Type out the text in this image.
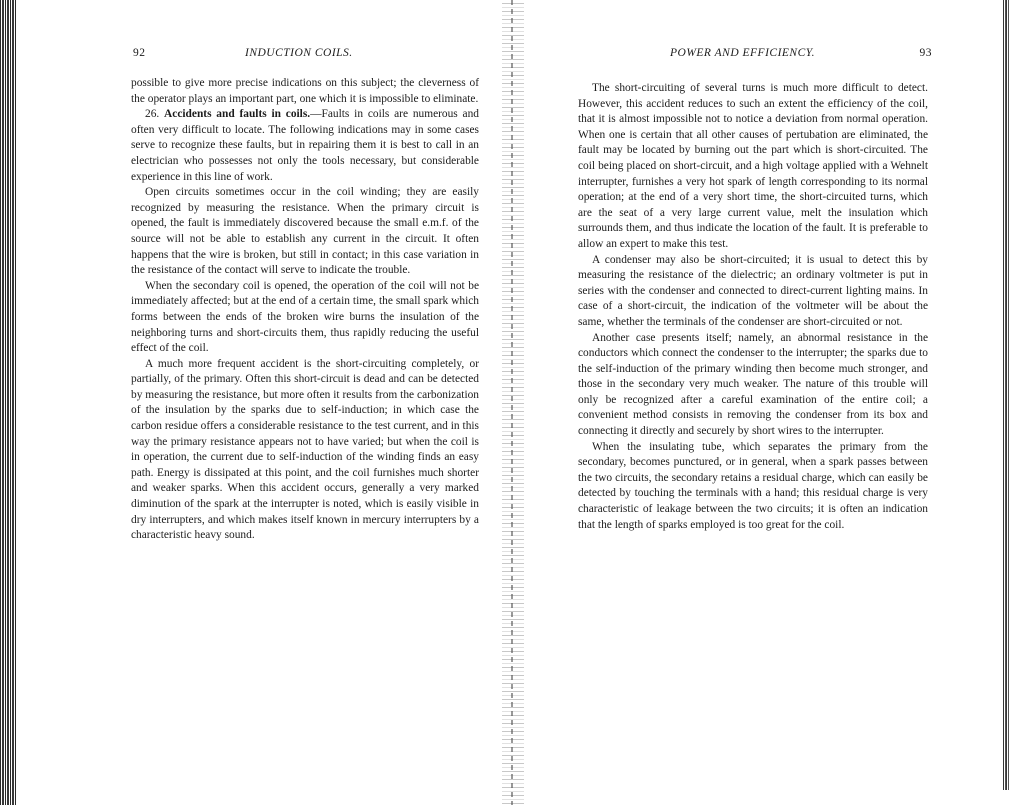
92	INDUCTION COILS.

possible to give more precise indications on this subject; the cleverness of the operator plays an important part, one which it is impossible to eliminate.

26. Accidents and faults in coils.—Faults in coils are numerous and often very difficult to locate. The following indications may in some cases serve to recognize these faults, but in repairing them it is best to call in an electrician who possesses not only the tools necessary, but considerable experience in this line of work.

Open circuits sometimes occur in the coil winding; they are easily recognized by measuring the resistance. When the primary circuit is opened, the fault is immediately discovered because the small e.m.f. of the source will not be able to establish any current in the circuit. It often happens that the wire is broken, but still in contact; in this case variation in the resistance of the contact will serve to indicate the trouble.

When the secondary coil is opened, the operation of the coil will not be immediately affected; but at the end of a certain time, the small spark which forms between the ends of the broken wire burns the insulation of the neighboring turns and short-circuits them, thus rapidly reducing the useful effect of the coil.

A much more frequent accident is the short-circuiting completely, or partially, of the primary. Often this short-circuit is dead and can be detected by measuring the resistance, but more often it results from the carbonization of the insulation by the sparks due to self-induction; in which case the carbon residue offers a considerable resistance to the test current, and in this way the primary resistance appears not to have varied; but when the coil is in operation, the current due to self-induction of the winding finds an easy path. Energy is dissipated at this point, and the coil furnishes much shorter and weaker sparks. When this accident occurs, generally a very marked diminution of the spark at the interrupter is noted, which is easily visible in dry interrupters, and which makes itself known in mercury interrupters by a characteristic heavy sound.

POWER AND EFFICIENCY.	93

The short-circuiting of several turns is much more difficult to detect. However, this accident reduces to such an extent the efficiency of the coil, that it is almost impossible not to notice a deviation from normal operation. When one is certain that all other causes of pertubation are eliminated, the fault may be located by burning out the part which is short-circuited. The coil being placed on short-circuit, and a high voltage applied with a Wehnelt interrupter, furnishes a very hot spark of length corresponding to its normal operation; at the end of a very short time, the short-circuited turns, which are the seat of a very large current value, melt the insulation which surrounds them, and thus indicate the location of the fault. It is preferable to allow an expert to make this test.

A condenser may also be short-circuited; it is usual to detect this by measuring the resistance of the dielectric; an ordinary voltmeter is put in series with the condenser and connected to direct-current lighting mains. In case of a short-circuit, the indication of the voltmeter will be about the same, whether the terminals of the condenser are short-circuited or not.

Another case presents itself; namely, an abnormal resistance in the conductors which connect the condenser to the interrupter; the sparks due to the self-induction of the primary winding then become much stronger, and those in the secondary very much weaker. The nature of this trouble will only be recognized after a careful examination of the entire coil; a convenient method consists in removing the condenser from its box and connecting it directly and securely by short wires to the interrupter.

When the insulating tube, which separates the primary from the secondary, becomes punctured, or in general, when a spark passes between the two circuits, the secondary retains a residual charge, which can easily be detected by touching the terminals with a hand; this residual charge is very characteristic of leakage between the two circuits; it is often an indication that the length of sparks employed is too great for the coil.
